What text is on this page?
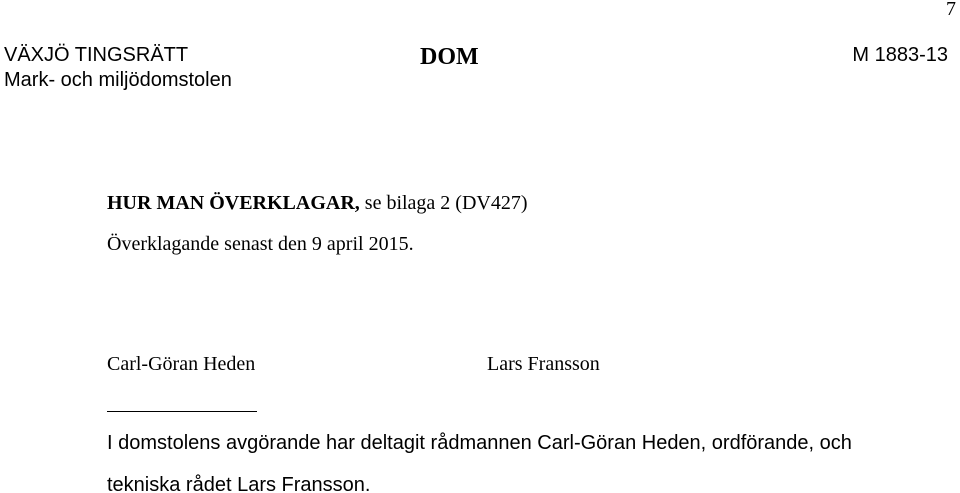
7
VÄXJÖ TINGSRÄTT
Mark- och miljödomstolen
DOM	M 1883-13
HUR MAN ÖVERKLAGAR, se bilaga 2 (DV427)
Överklagande senast den 9 april 2015.
Carl-Göran Heden	Lars Fransson
I domstolens avgörande har deltagit rådmannen Carl-Göran Heden, ordförande, och
tekniska rådet Lars Fransson.
